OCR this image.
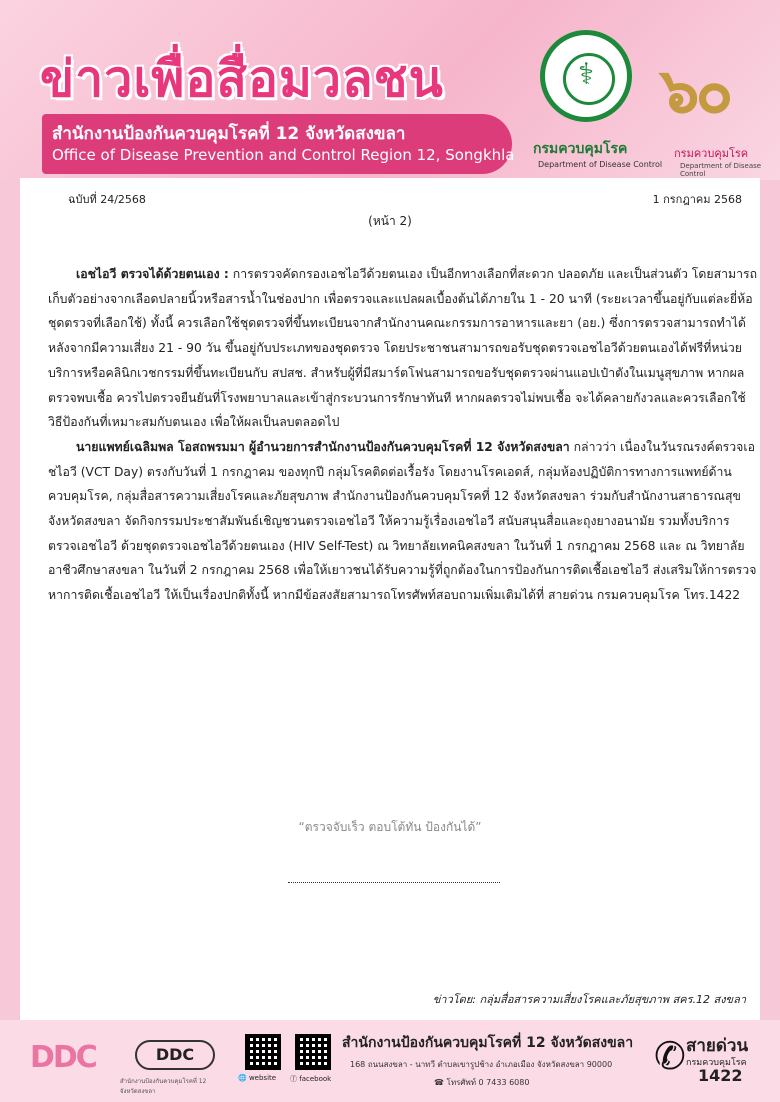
ข่าวเพื่อสื่อมวลชน
สำนักงานป้องกันควบคุมโรคที่ 12 จังหวัดสงขลา
Office of Disease Prevention and Control Region 12, Songkhla
⚕
กรมควบคุมโรค
Department of Disease Control
๖๐
กรมควบคุมโรค
Department of Disease Control
ฉบับที่ 24/2568	1 กรกฎาคม 2568
(หน้า 2)

เอชไอวี ตรวจได้ด้วยตนเอง : การตรวจคัดกรองเอชไอวีด้วยตนเอง เป็นอีกทางเลือกที่สะดวก ปลอดภัย และเป็นส่วนตัว โดยสามารถเก็บตัวอย่างจากเลือดปลายนิ้วหรือสารน้ำในช่องปาก เพื่อตรวจและแปลผลเบื้องต้นได้ภายใน 1 - 20 นาที (ระยะเวลาขึ้นอยู่กับแต่ละยี่ห้อชุดตรวจที่เลือกใช้) ทั้งนี้ ควรเลือกใช้ชุดตรวจที่ขึ้นทะเบียนจากสำนักงานคณะกรรมการอาหารและยา (อย.) ซึ่งการตรวจสามารถทำได้หลังจากมีความเสี่ยง 21 - 90 วัน ขึ้นอยู่กับประเภทของชุดตรวจ โดยประชาชนสามารถขอรับชุดตรวจเอชไอวีด้วยตนเองได้ฟรีที่หน่วยบริการหรือคลินิกเวชกรรมที่ขึ้นทะเบียนกับ สปสช. สำหรับผู้ที่มีสมาร์ตโฟนสามารถขอรับชุดตรวจผ่านแอปเป๋าตังในเมนูสุขภาพ หากผลตรวจพบเชื้อ ควรไปตรวจยืนยันที่โรงพยาบาลและเข้าสู่กระบวนการรักษาทันที หากผลตรวจไม่พบเชื้อ จะได้คลายกังวลและควรเลือกใช้วิธีป้องกันที่เหมาะสมกับตนเอง เพื่อให้ผลเป็นลบตลอดไป

นายแพทย์เฉลิมพล โอสถพรมมา ผู้อำนวยการสำนักงานป้องกันควบคุมโรคที่ 12 จังหวัดสงขลา กล่าวว่า เนื่องในวันรณรงค์ตรวจเอชไอวี (VCT Day) ตรงกับวันที่ 1 กรกฎาคม ของทุกปี กลุ่มโรคติดต่อเรื้อรัง โดยงานโรคเอดส์, กลุ่มห้องปฏิบัติการทางการแพทย์ด้านควบคุมโรค, กลุ่มสื่อสารความเสี่ยงโรคและภัยสุขภาพ สำนักงานป้องกันควบคุมโรคที่ 12 จังหวัดสงขลา ร่วมกับสำนักงานสาธารณสุขจังหวัดสงขลา จัดกิจกรรมประชาสัมพันธ์เชิญชวนตรวจเอชไอวี ให้ความรู้เรื่องเอชไอวี สนับสนุนสื่อและถุงยางอนามัย รวมทั้งบริการตรวจเอชไอวี ด้วยชุดตรวจเอชไอวีด้วยตนเอง (HIV Self-Test) ณ วิทยาลัยเทคนิคสงขลา ในวันที่ 1 กรกฎาคม 2568 และ ณ วิทยาลัยอาชีวศึกษาสงขลา ในวันที่ 2 กรกฎาคม 2568 เพื่อให้เยาวชนได้รับความรู้ที่ถูกต้องในการป้องกันการติดเชื้อเอชไอวี ส่งเสริมให้การตรวจหาการติดเชื้อเอชไอวี ให้เป็นเรื่องปกติทั้งนี้ หากมีข้อสงสัยสามารถโทรศัพท์สอบถามเพิ่มเติมได้ที่ สายด่วน กรมควบคุมโรค โทร.1422

“ตรวจจับเร็ว ตอบโต้ทัน ป้องกันได้”
ข่าวโดย: กลุ่มสื่อสารความเสี่ยงโรคและภัยสุขภาพ สคร.12 สงขลา
DDC	DDC
สำนักงานป้องกันควบคุมโรคที่ 12 จังหวัดสงขลา
🌐 website ⓕ facebook
สำนักงานป้องกันควบคุมโรคที่ 12 จังหวัดสงขลา
168 ถนนสงขลา - นาทวี ตำบลเขารูปช้าง อำเภอเมือง จังหวัดสงขลา 90000
☎ โทรศัพท์ 0 7433 6080
✆ สายด่วน
กรมควบคุมโรค
1422
